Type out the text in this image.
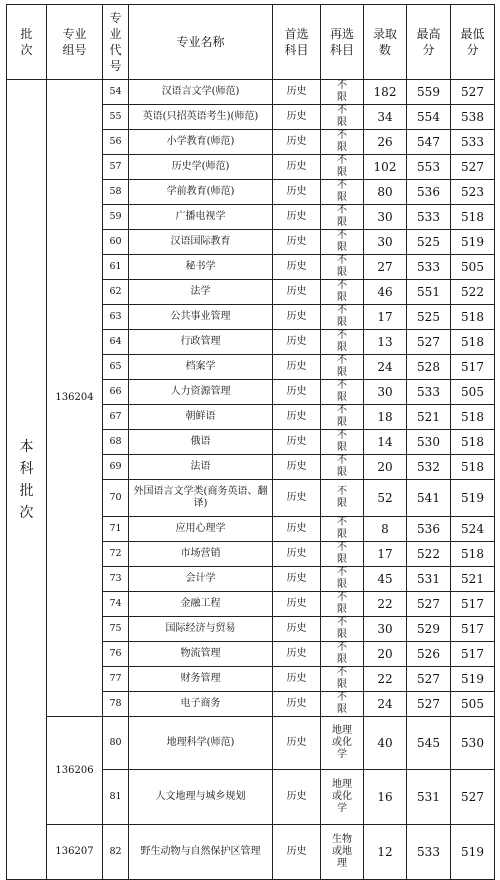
批次	专业组号	专业代号	专业名称	首选科目	再选科目	录取数	最高分	最低分
本科批次	136204	54	汉语言文学(师范)	历史	不限	182	559	527
		55	英语(只招英语考生)(师范)	历史	不限	34	554	538
		56	小学教育(师范)	历史	不限	26	547	533
		57	历史学(师范)	历史	不限	102	553	527
		58	学前教育(师范)	历史	不限	80	536	523
		59	广播电视学	历史	不限	30	533	518
		60	汉语国际教育	历史	不限	30	525	519
		61	秘书学	历史	不限	27	533	505
		62	法学	历史	不限	46	551	522
		63	公共事业管理	历史	不限	17	525	518
		64	行政管理	历史	不限	13	527	518
		65	档案学	历史	不限	24	528	517
		66	人力资源管理	历史	不限	30	533	505
		67	朝鲜语	历史	不限	18	521	518
		68	俄语	历史	不限	14	530	518
		69	法语	历史	不限	20	532	518
		70	外国语言文学类(商务英语、翻译)	历史	不限	52	541	519
		71	应用心理学	历史	不限	8	536	524
		72	市场营销	历史	不限	17	522	518
		73	会计学	历史	不限	45	531	521
		74	金融工程	历史	不限	22	527	517
		75	国际经济与贸易	历史	不限	30	529	517
		76	物流管理	历史	不限	20	526	517
		77	财务管理	历史	不限	22	527	519
		78	电子商务	历史	不限	24	527	505
	136206	80	地理科学(师范)	历史	地理或化学	40	545	530
		81	人文地理与城乡规划	历史	地理或化学	16	531	527
	136207	82	野生动物与自然保护区管理	历史	生物或地理	12	533	519
